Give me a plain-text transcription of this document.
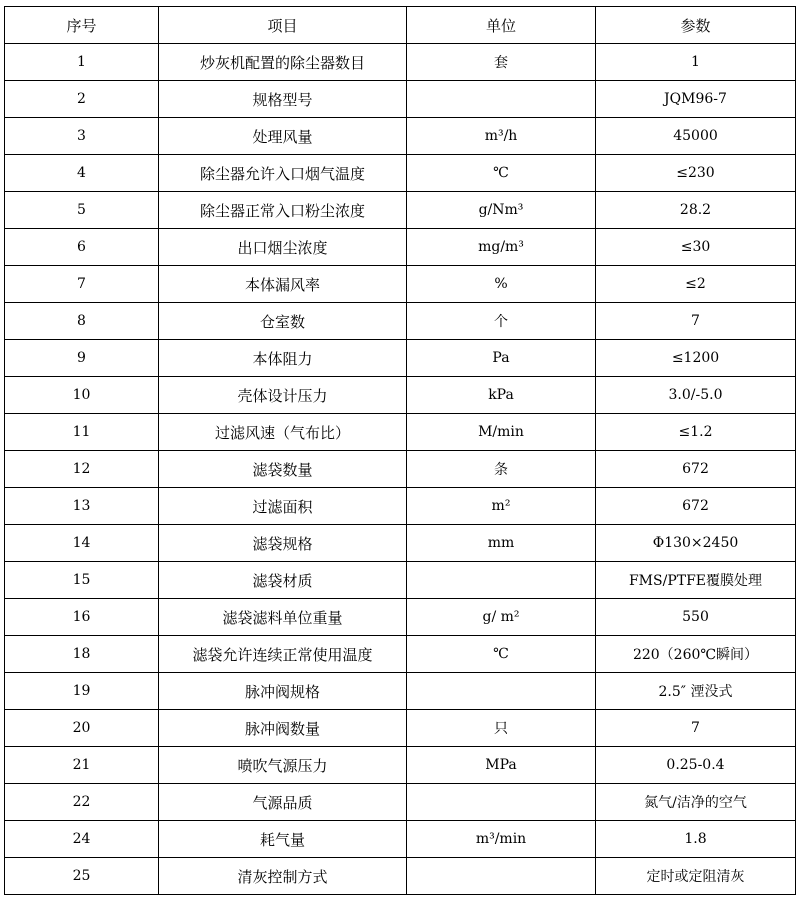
序号	项目	单位	参数
1	炒灰机配置的除尘器数目	套	1
2	规格型号		JQM96-7
3	处理风量	m³/h	45000
4	除尘器允许入口烟气温度	℃	≤230
5	除尘器正常入口粉尘浓度	g/Nm³	28.2
6	出口烟尘浓度	mg/m³	≤30
7	本体漏风率	%	≤2
8	仓室数	个	7
9	本体阻力	Pa	≤1200
10	壳体设计压力	kPa	3.0/-5.0
11	过滤风速（气布比）	M/min	≤1.2
12	滤袋数量	条	672
13	过滤面积	m²	672
14	滤袋规格	mm	Φ130×2450
15	滤袋材质		FMS/PTFE覆膜处理
16	滤袋滤料单位重量	g/ m²	550
18	滤袋允许连续正常使用温度	℃	220（260℃瞬间）
19	脉冲阀规格		2.5″ 湮没式
20	脉冲阀数量	只	7
21	喷吹气源压力	MPa	0.25-0.4
22	气源品质		氮气/洁净的空气
24	耗气量	m³/min	1.8
25	清灰控制方式		定时或定阻清灰
